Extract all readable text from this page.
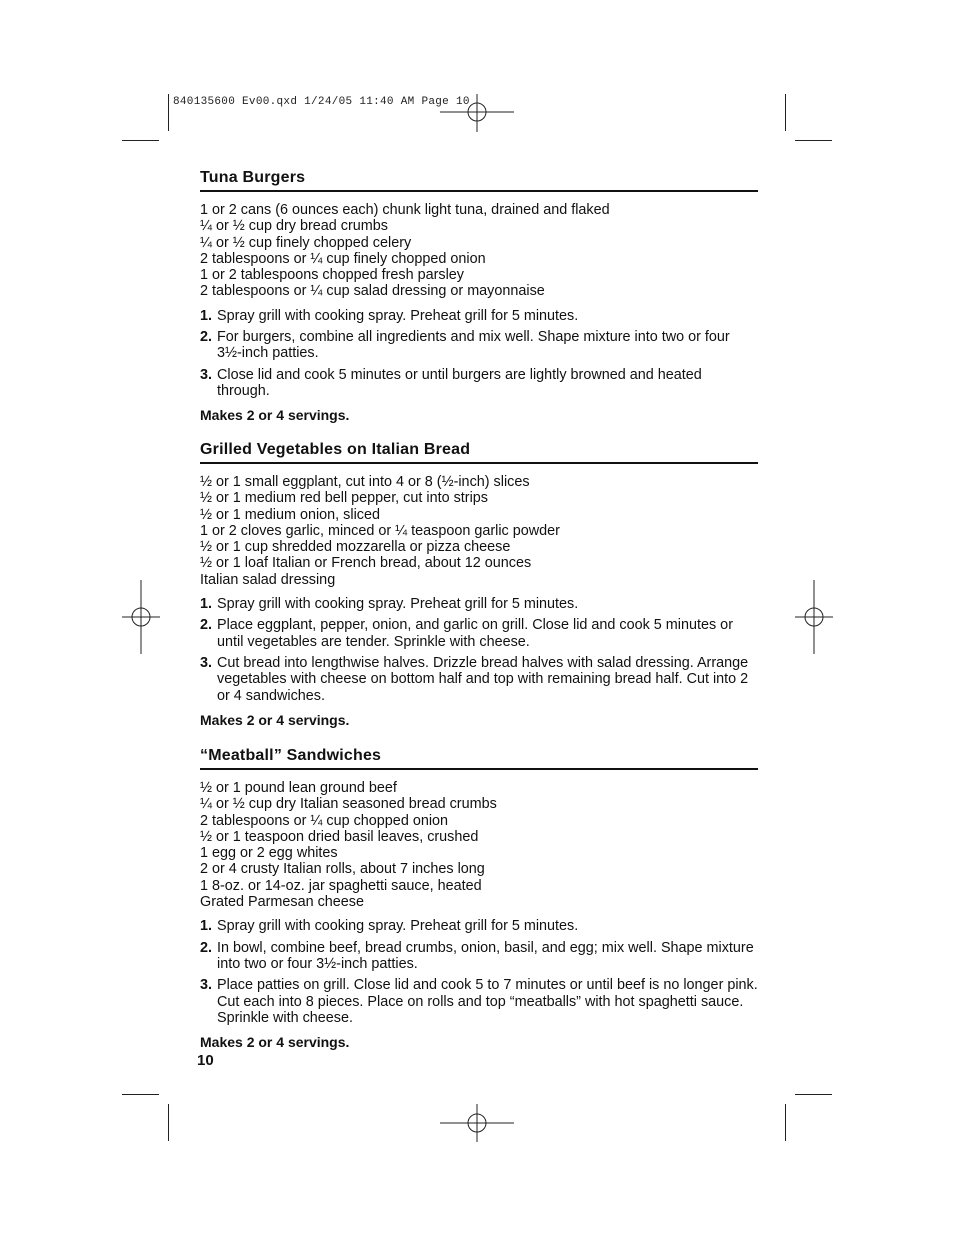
840135600 Ev00.qxd 1/24/05 11:40 AM Page 10
Tuna Burgers
1 or 2 cans (6 ounces each) chunk light tuna, drained and flaked
¼ or ½ cup dry bread crumbs
¼ or ½ cup finely chopped celery
2 tablespoons or ¼ cup finely chopped onion
1 or 2 tablespoons chopped fresh parsley
2 tablespoons or ¼ cup salad dressing or mayonnaise
1. Spray grill with cooking spray. Preheat grill for 5 minutes.
2. For burgers, combine all ingredients and mix well. Shape mixture into two or four 3½-inch patties.
3. Close lid and cook 5 minutes or until burgers are lightly browned and heated through.
Makes 2 or 4 servings.
Grilled Vegetables on Italian Bread
½ or 1 small eggplant, cut into 4 or 8 (½-inch) slices
½ or 1 medium red bell pepper, cut into strips
½ or 1 medium onion, sliced
1 or 2 cloves garlic, minced or ¼ teaspoon garlic powder
½ or 1 cup shredded mozzarella or pizza cheese
½ or 1 loaf Italian or French bread, about 12 ounces
Italian salad dressing
1. Spray grill with cooking spray. Preheat grill for 5 minutes.
2. Place eggplant, pepper, onion, and garlic on grill. Close lid and cook 5 minutes or until vegetables are tender. Sprinkle with cheese.
3. Cut bread into lengthwise halves. Drizzle bread halves with salad dressing. Arrange vegetables with cheese on bottom half and top with remaining bread half. Cut into 2 or 4 sandwiches.
Makes 2 or 4 servings.
“Meatball” Sandwiches
½ or 1 pound lean ground beef
¼ or ½ cup dry Italian seasoned bread crumbs
2 tablespoons or ¼ cup chopped onion
½ or 1 teaspoon dried basil leaves, crushed
1 egg or 2 egg whites
2 or 4 crusty Italian rolls, about 7 inches long
1 8-oz. or 14-oz. jar spaghetti sauce, heated
Grated Parmesan cheese
1. Spray grill with cooking spray. Preheat grill for 5 minutes.
2. In bowl, combine beef, bread crumbs, onion, basil, and egg; mix well. Shape mixture into two or four 3½-inch patties.
3. Place patties on grill. Close lid and cook 5 to 7 minutes or until beef is no longer pink. Cut each into 8 pieces. Place on rolls and top “meatballs” with hot spaghetti sauce. Sprinkle with cheese.
Makes 2 or 4 servings.
10
